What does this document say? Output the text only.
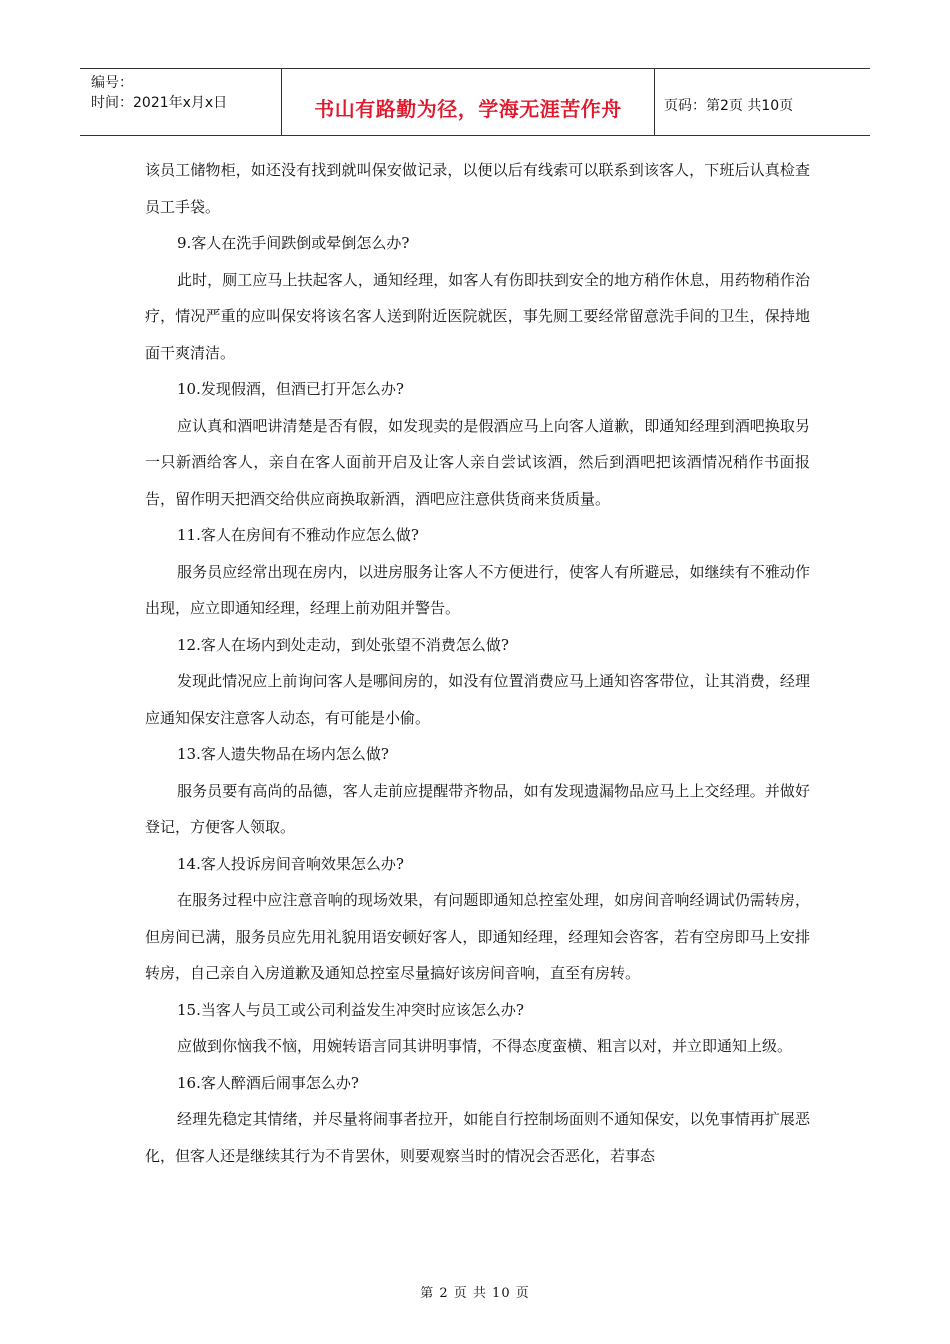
编号：
时间：2021年x月x日	书山有路勤为径，学海无涯苦作舟	页码：第2页 共10页

该员工储物柜，如还没有找到就叫保安做记录，以便以后有线索可以联系到该客人，下班后认真检查员工手袋。

9.客人在洗手间跌倒或晕倒怎么办?

此时，厕工应马上扶起客人，通知经理，如客人有伤即扶到安全的地方稍作休息，用药物稍作治疗，情况严重的应叫保安将该名客人送到附近医院就医，事先厕工要经常留意洗手间的卫生，保持地面干爽清洁。

10.发现假酒，但酒已打开怎么办?

应认真和酒吧讲清楚是否有假，如发现卖的是假酒应马上向客人道歉，即通知经理到酒吧换取另一只新酒给客人，亲自在客人面前开启及让客人亲自尝试该酒，然后到酒吧把该酒情况稍作书面报告，留作明天把酒交给供应商换取新酒，酒吧应注意供货商来货质量。

11.客人在房间有不雅动作应怎么做?

服务员应经常出现在房内，以进房服务让客人不方便进行，使客人有所避忌，如继续有不雅动作出现，应立即通知经理，经理上前劝阻并警告。

12.客人在场内到处走动，到处张望不消费怎么做?

发现此情况应上前询问客人是哪间房的，如没有位置消费应马上通知咨客带位，让其消费，经理应通知保安注意客人动态，有可能是小偷。

13.客人遗失物品在场内怎么做?

服务员要有高尚的品德，客人走前应提醒带齐物品，如有发现遗漏物品应马上上交经理。并做好登记，方便客人领取。

14.客人投诉房间音响效果怎么办?

在服务过程中应注意音响的现场效果，有问题即通知总控室处理，如房间音响经调试仍需转房，但房间已满，服务员应先用礼貌用语安顿好客人，即通知经理，经理知会咨客，若有空房即马上安排转房，自己亲自入房道歉及通知总控室尽量搞好该房间音响，直至有房转。

15.当客人与员工或公司利益发生冲突时应该怎么办?

应做到你恼我不恼，用婉转语言同其讲明事情，不得态度蛮横、粗言以对，并立即通知上级。

16.客人醉酒后闹事怎么办?

经理先稳定其情绪，并尽量将闹事者拉开，如能自行控制场面则不通知保安，以免事情再扩展恶化，但客人还是继续其行为不肯罢休，则要观察当时的情况会否恶化，若事态

第 2 页 共 10 页
